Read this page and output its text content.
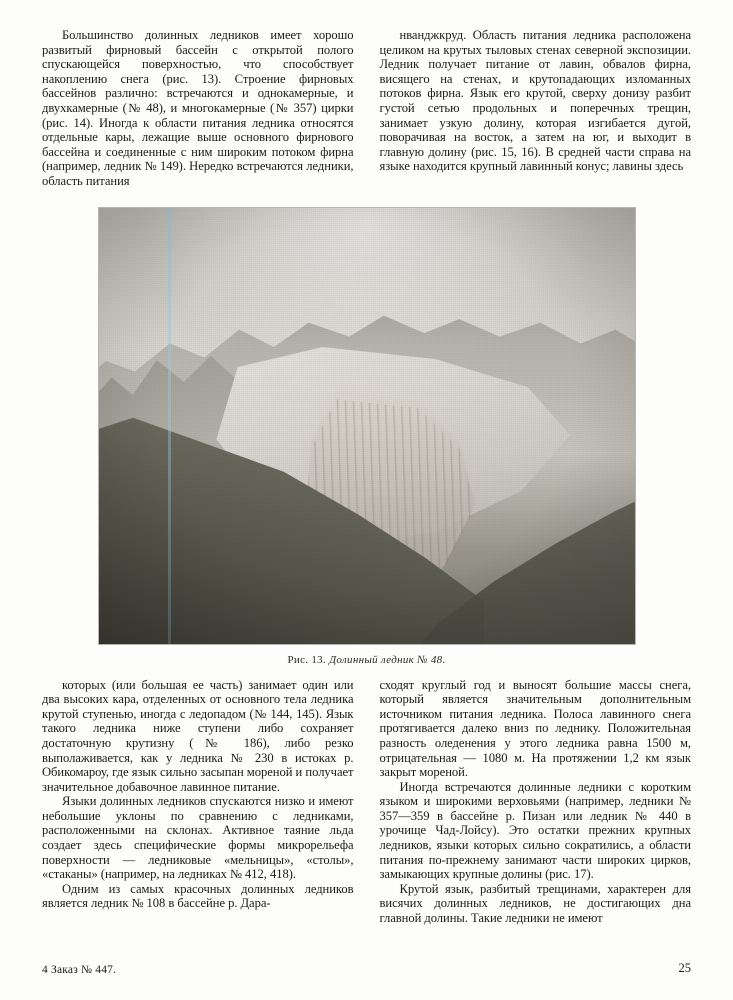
Большинство долинных ледников имеет хорошо развитый фирновый бассейн с открытой полого спускающейся поверхностью, что способствует накоплению снега (рис. 13). Строение фирновых бассейнов различно: встречаются и однокамерные, и двухкамерные (№ 48), и многокамерные (№ 357) цирки (рис. 14). Иногда к области питания ледника относятся отдельные кары, лежащие выше основного фирнового бассейна и соединенные с ним широким потоком фирна (например, ледник № 149). Нередко встречаются ледники, область питания

нванджкруд. Область питания ледника расположена целиком на крутых тыловых стенах северной экспозиции. Ледник получает питание от лавин, обвалов фирна, висящего на стенах, и крутопадающих изломанных потоков фирна. Язык его крутой, сверху донизу разбит густой сетью продольных и поперечных трещин, занимает узкую долину, которая изгибается дугой, поворачивая на восток, а затем на юг, и выходит в главную долину (рис. 15, 16). В средней части справа на языке находится крупный лавинный конус; лавины здесь

Рис. 13. Долинный ледник № 48.

которых (или большая ее часть) занимает один или два высоких кара, отделенных от основного тела ледника крутой ступенью, иногда с ледопадом (№ 144, 145). Язык такого ледника ниже ступени либо сохраняет достаточную крутизну (№ 186), либо резко выполаживается, как у ледника № 230 в истоках р. Обикомароу, где язык сильно засыпан мореной и получает значительное добавочное лавинное питание.

Языки долинных ледников спускаются низко и имеют небольшие уклоны по сравнению с ледниками, расположенными на склонах. Активное таяние льда создает здесь специфические формы микрорельефа поверхности — ледниковые «мельницы», «столы», «стаканы» (например, на ледниках № 412, 418).

Одним из самых красочных долинных ледников является ледник № 108 в бассейне р. Дара-

сходят круглый год и выносят большие массы снега, который является значительным дополнительным источником питания ледника. Полоса лавинного снега протягивается далеко вниз по леднику. Положительная разность оледенения у этого ледника равна 1500 м, отрицательная — 1080 м. На протяжении 1,2 км язык закрыт мореной.

Иногда встречаются долинные ледники с коротким языком и широкими верховьями (например, ледники № 357—359 в бассейне р. Пизан или ледник № 440 в урочище Чад-Лойсу). Это остатки прежних крупных ледников, языки которых сильно сократились, а области питания по-прежнему занимают части широких цирков, замыкающих крупные долины (рис. 17).

Крутой язык, разбитый трещинами, характерен для висячих долинных ледников, не достигающих дна главной долины. Такие ледники не имеют

4 Заказ № 447.	25
